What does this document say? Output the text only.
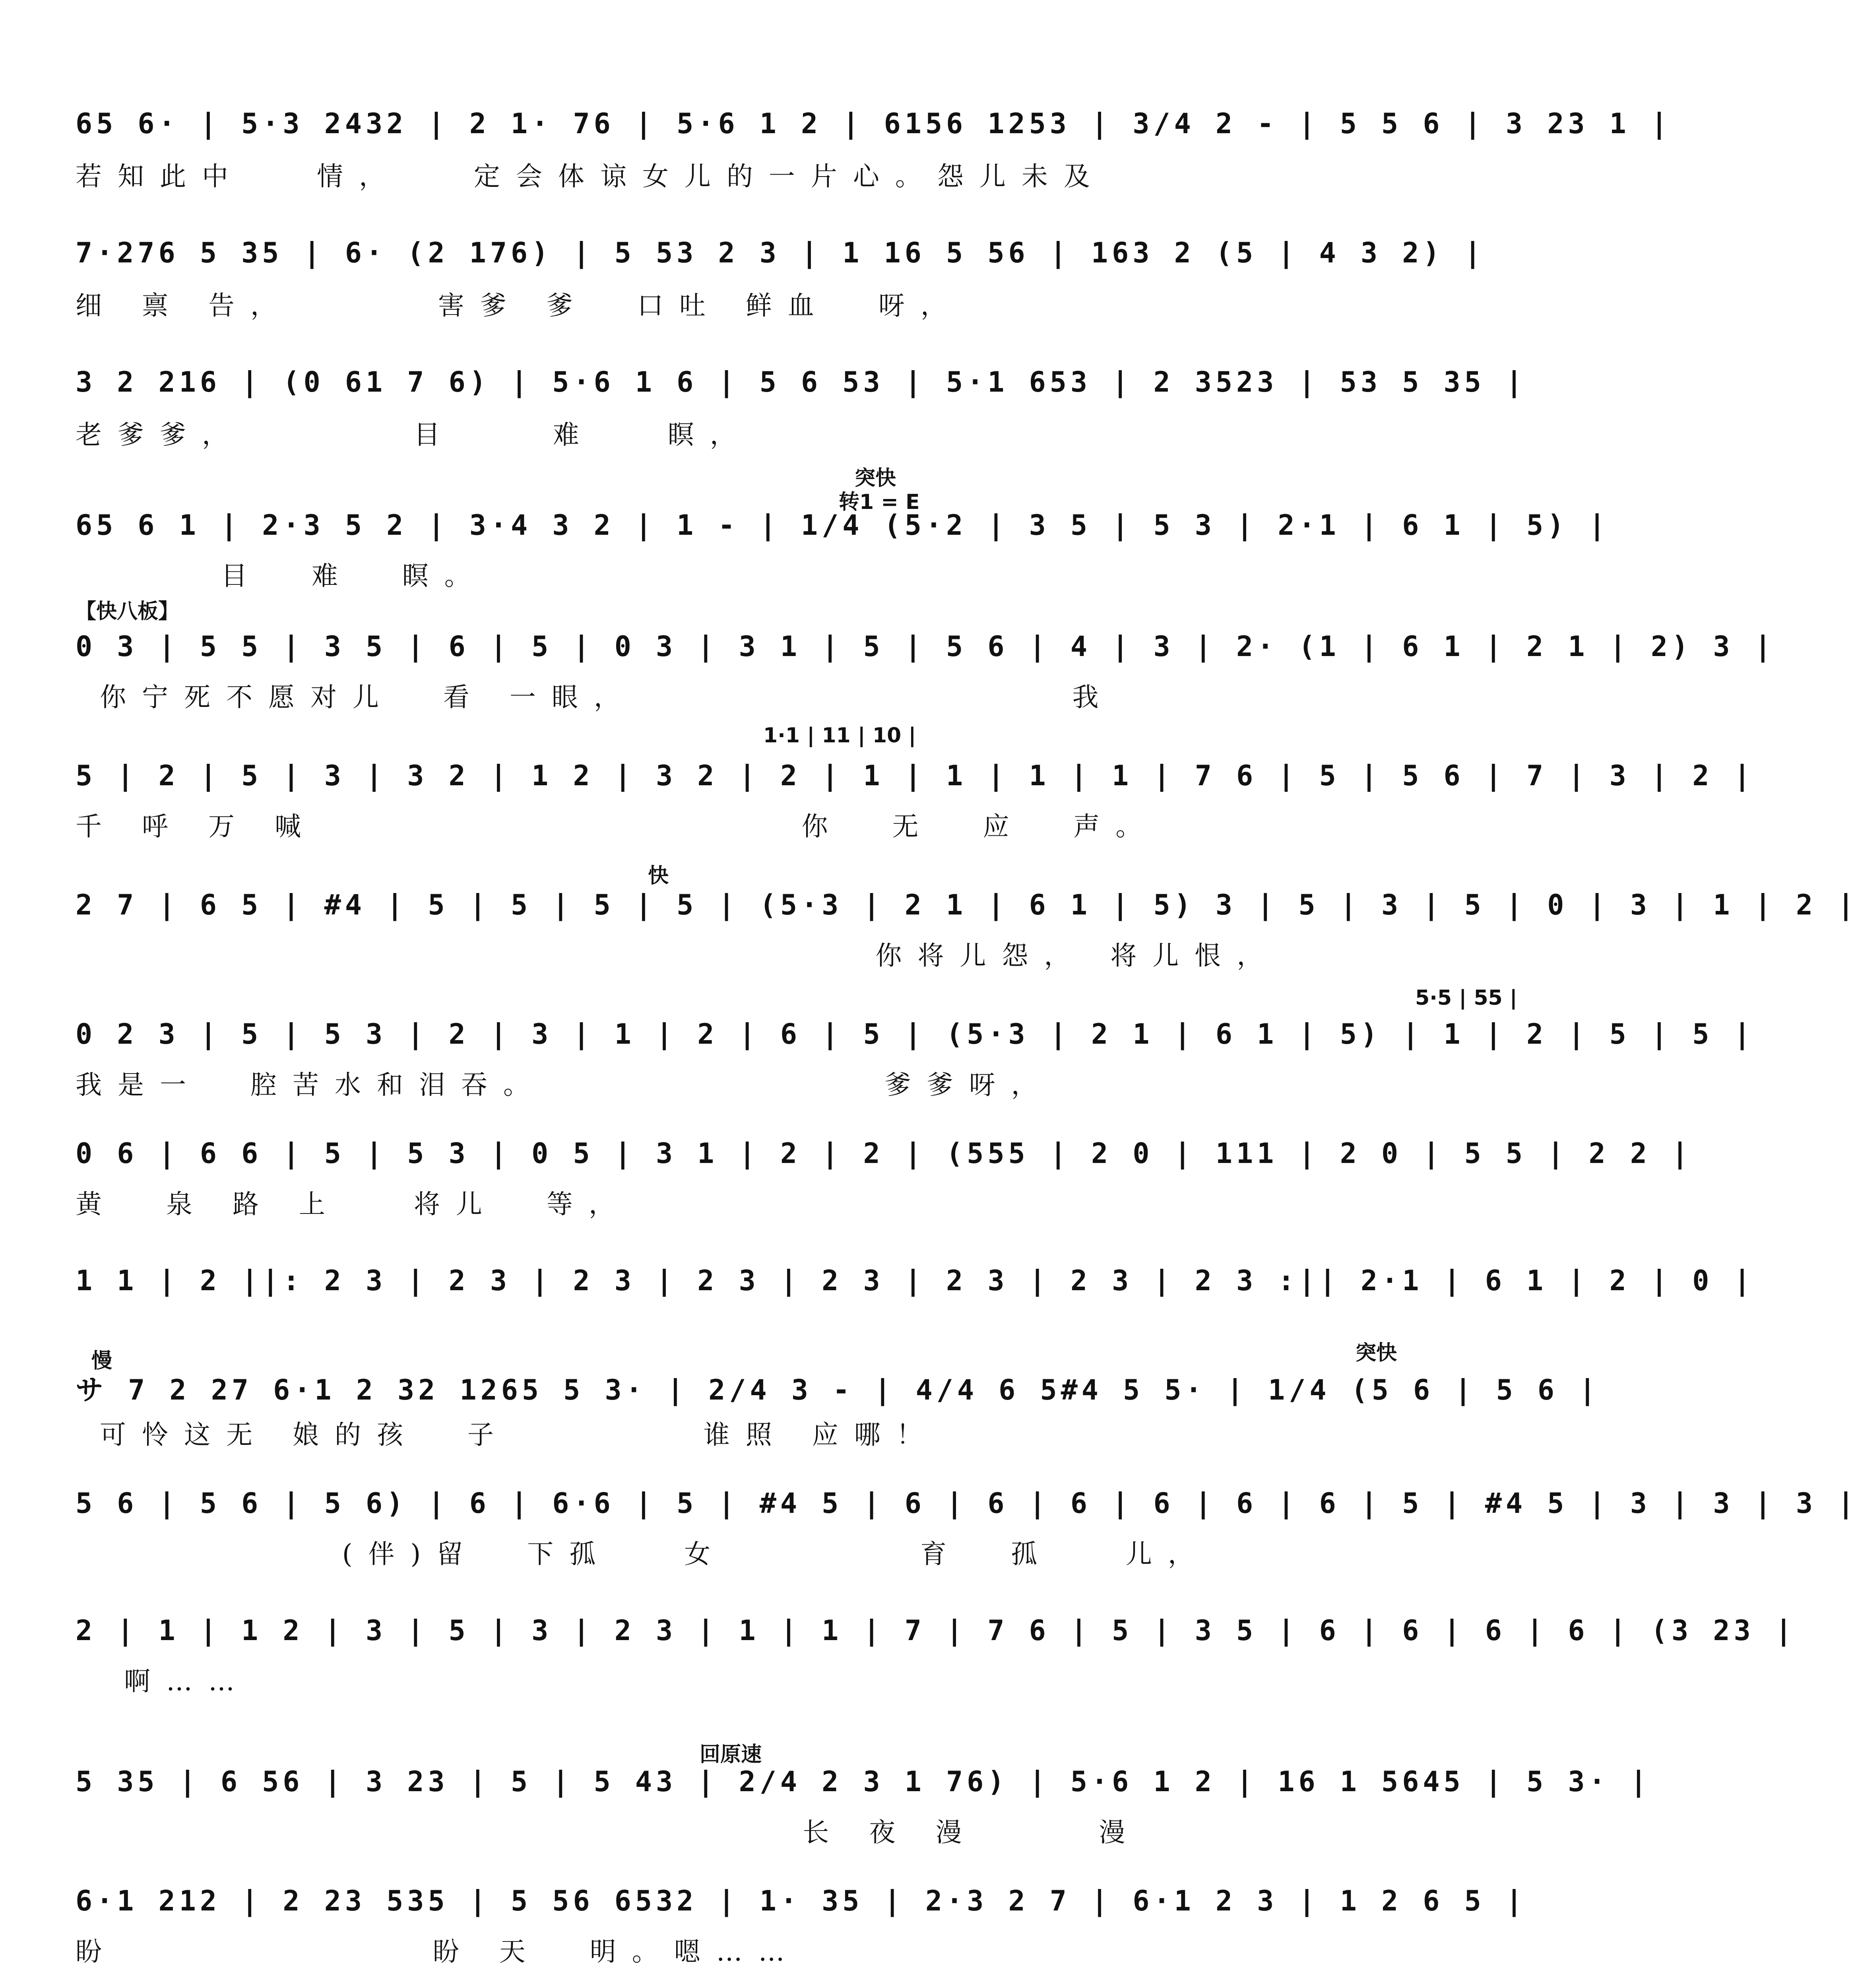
65 6· | 5·3 2432 | 2 1· 76 | 5·6 1 2 | 6156 1253 | 3/4 2 - | 5 5 6 | 3 23 1 |
若知此中   情，   定会体谅女儿的一片心。怨儿未及
7·276 5 35 | 6· (2 176) | 5 53 2 3 | 1 16 5 56 | 163 2 (5 | 4 3 2) |
细 禀 告，      害爹 爹  口吐 鲜血  呀，
3 2 216 | (0 61 7 6) | 5·6 1 6 | 5 6 53 | 5·1 653 | 2 3523 | 53 5 35 |
老爹爹，       目    难   瞑，
突快
转1 = E
65 6 1 | 2·3 5 2 | 3·4 3 2 | 1 - | 1/4 (5·2 | 3 5 | 5 3 | 2·1 | 6 1 | 5) |
目  难  瞑。
【快八板】
0 3 | 5 5 | 3 5 | 6 | 5 | 0 3 | 3 1 | 5 | 5 6 | 4 | 3 | 2· (1 | 6 1 | 2 1 | 2) 3 |
你宁死不愿对儿  看 一眼，                  我
1·1 | 11 | 10 |
5 | 2 | 5 | 3 | 3 2 | 1 2 | 3 2 | 2 | 1 | 1 | 1 | 1 | 7 6 | 5 | 5 6 | 7 | 3 | 2 |
千 呼 万 喊                    你  无  应  声。
快
2 7 | 6 5 | #4 | 5 | 5 | 5 | 5 | (5·3 | 2 1 | 6 1 | 5) 3 | 5 | 3 | 5 | 0 | 3 | 1 | 2 |
你将儿怨， 将儿恨，
5·5 | 55 |
0 2 3 | 5 | 5 3 | 2 | 3 | 1 | 2 | 6 | 5 | (5·3 | 2 1 | 6 1 | 5) | 1 | 2 | 5 | 5 |
我是一  腔苦水和泪吞。              爹爹呀，
0 6 | 6 6 | 5 | 5 3 | 0 5 | 3 1 | 2 | 2 | (555 | 2 0 | 111 | 2 0 | 5 5 | 2 2 |
黄  泉 路 上   将儿  等，
1 1 | 2 ||: 2 3 | 2 3 | 2 3 | 2 3 | 2 3 | 2 3 | 2 3 | 2 3 :|| 2·1 | 6 1 | 2 | 0 |
慢	突快
サ 7 2 27 6·1 2 32 1265 5 3· | 2/4 3 - | 4/4 6 5#4 5 5· | 1/4 (5 6 | 5 6 |
可怜这无 娘的孩  子        谁照 应哪！
5 6 | 5 6 | 5 6) | 6 | 6·6 | 5 | #4 5 | 6 | 6 | 6 | 6 | 6 | 6 | 5 | #4 5 | 3 | 3 | 3 |
(伴)留  下孤   女        育  孤   儿，
2 | 1 | 1 2 | 3 | 5 | 3 | 2 3 | 1 | 1 | 7 | 7 6 | 5 | 3 5 | 6 | 6 | 6 | 6 | (3 23 |
啊……
回原速
5 35 | 6 56 | 3 23 | 5 | 5 43 | 2/4 2 3 1 76) | 5·6 1 2 | 16 1 5645 | 5 3· |
长 夜 漫     漫
6·1 212 | 2 23 535 | 5 56 6532 | 1· 35 | 2·3 2 7 | 6·1 2 3 | 1 2 6 5 |
盼             盼 天  明。嗯……
